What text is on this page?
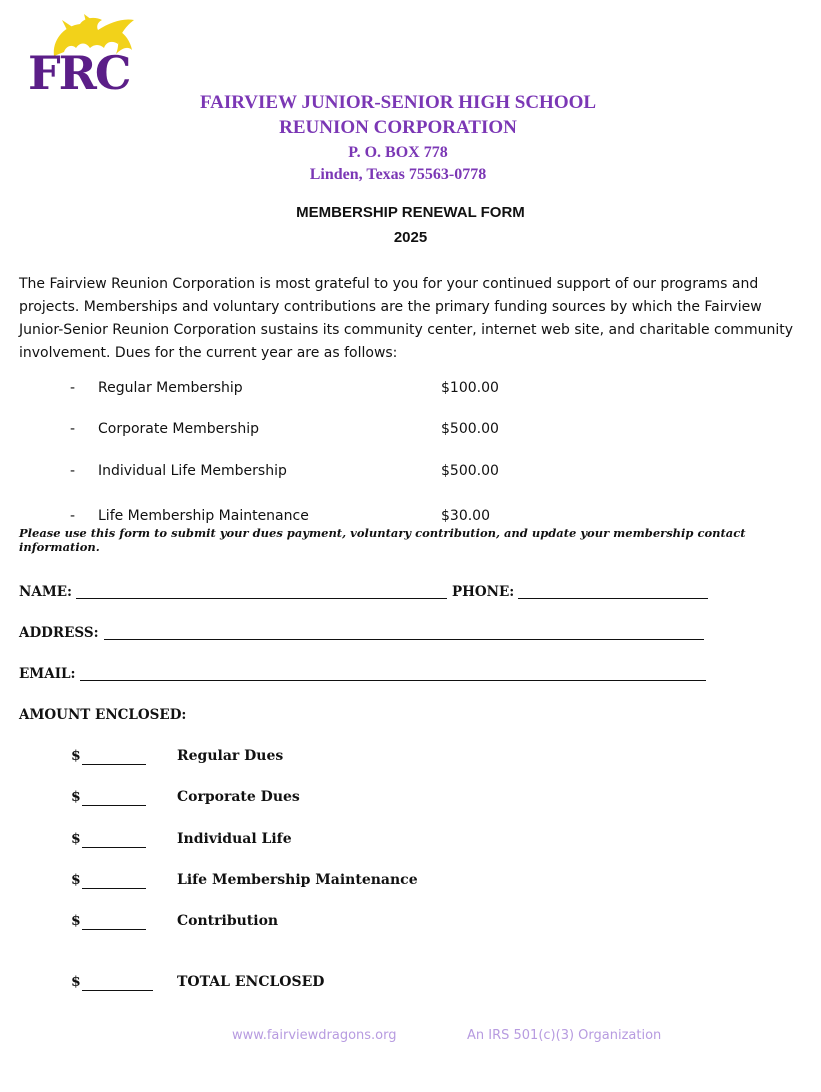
FRC
FAIRVIEW JUNIOR-SENIOR HIGH SCHOOL
REUNION CORPORATION
P. O. BOX 778
Linden, Texas 75563-0778
MEMBERSHIP RENEWAL FORM
2025
The Fairview Reunion Corporation is most grateful to you for your continued support of our programs and projects. Memberships and voluntary contributions are the primary funding sources by which the Fairview Junior-Senior Reunion Corporation sustains its community center, internet web site, and charitable community involvement. Dues for the current year are as follows:
- Regular Membership	$100.00
- Corporate Membership	$500.00
- Individual Life Membership	$500.00
- Life Membership Maintenance	$30.00
Please use this form to submit your dues payment, voluntary contribution, and update your membership contact information.
NAME:	PHONE:
ADDRESS:
EMAIL:
AMOUNT ENCLOSED:
$	Regular Dues
$	Corporate Dues
$	Individual Life
$	Life Membership Maintenance
$	Contribution
$	TOTAL ENCLOSED
www.fairviewdragons.org	An IRS 501(c)(3) Organization
